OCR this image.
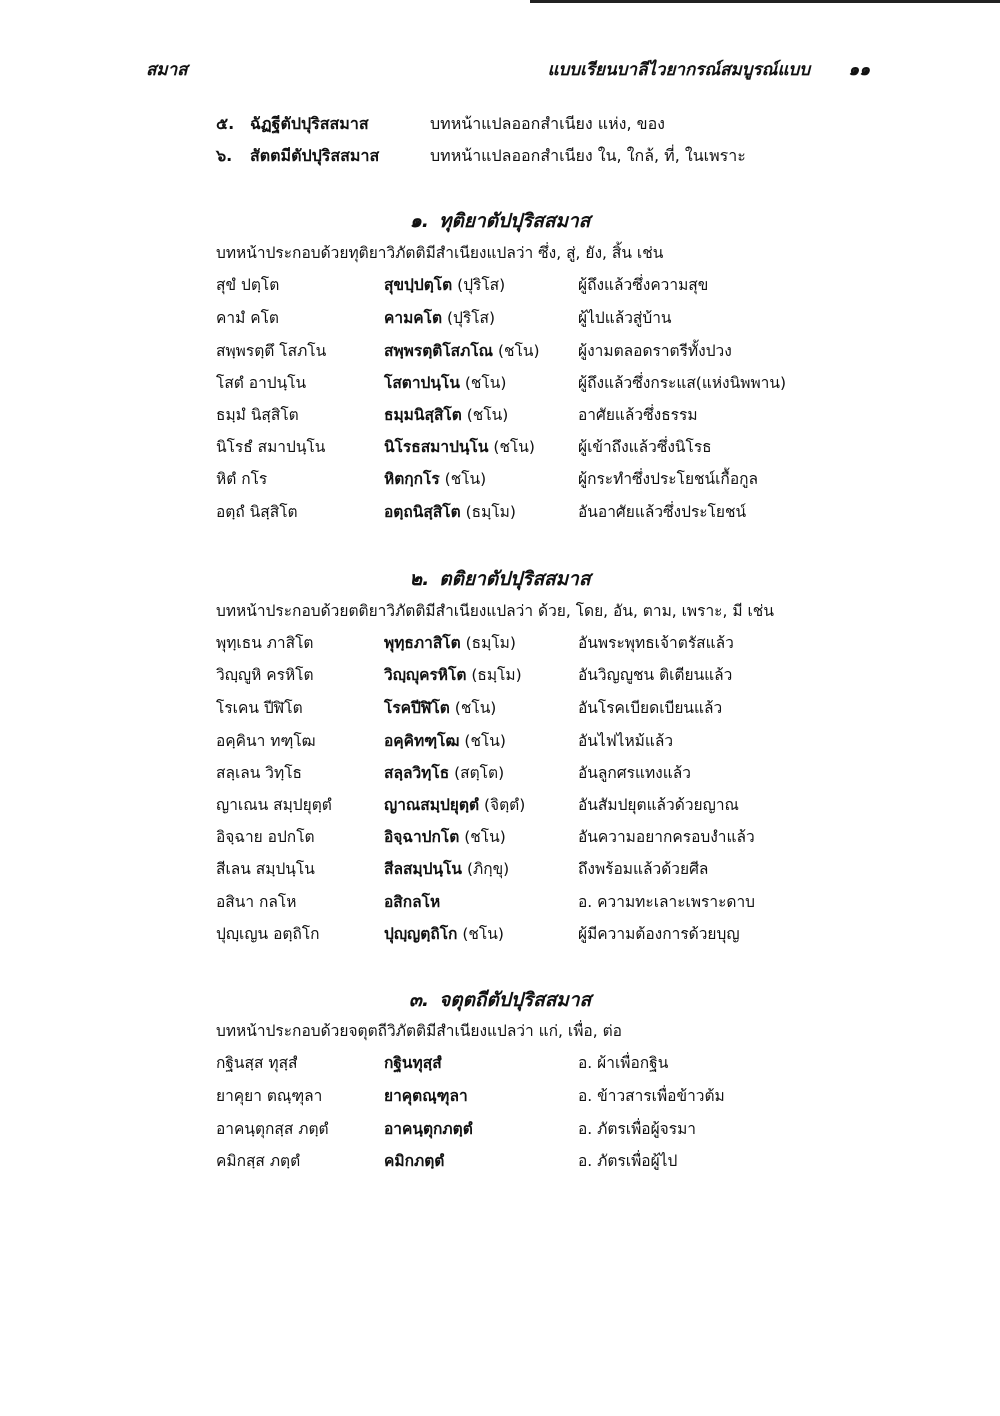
สมาส	แบบเรียนบาลีไวยากรณ์สมบูรณ์แบบ ๑๑
๕. ฉัฏฐีตัปปุริสสมาส	บทหน้าแปลออกสำเนียง แห่ง, ของ
๖. สัตตมีตัปปุริสสมาส	บทหน้าแปลออกสำเนียง ใน, ใกล้, ที่, ในเพราะ
๑. ทุติยาตัปปุริสสมาส
บทหน้าประกอบด้วยทุติยาวิภัตติมีสำเนียงแปลว่า ซึ่ง, สู่, ยัง, สิ้น เช่น
สุขํ ปตฺโต	สุขปฺปตฺโต (ปุริโส)	ผู้ถึงแล้วซึ่งความสุข
คามํ คโต	คามคโต (ปุริโส)	ผู้ไปแล้วสู่บ้าน
สพฺพรตฺตึ โสภโน	สพฺพรตฺติโสภโณ (ชโน) ผู้งามตลอดราตรีทั้งปวง
โสตํ อาปนฺโน	โสตาปนฺโน (ชโน)	ผู้ถึงแล้วซึ่งกระแส(แห่งนิพพาน)
ธมฺมํ นิสฺสิโต	ธมฺมนิสฺสิโต (ชโน)	อาศัยแล้วซึ่งธรรม
นิโรธํ สมาปนฺโน	นิโรธสมาปนฺโน (ชโน)	ผู้เข้าถึงแล้วซึ่งนิโรธ
หิตํ กโร	หิตกฺกโร (ชโน)	ผู้กระทำซึ่งประโยชน์เกื้อกูล
อตฺถํ นิสฺสิโต	อตฺถนิสฺสิโต (ธมฺโม)	อันอาศัยแล้วซึ่งประโยชน์
๒. ตติยาตัปปุริสสมาส
บทหน้าประกอบด้วยตติยาวิภัตติมีสำเนียงแปลว่า ด้วย, โดย, อัน, ตาม, เพราะ, มี เช่น
พุทฺเธน ภาสิโต	พุทฺธภาสิโต (ธมฺโม)	อันพระพุทธเจ้าตรัสแล้ว
วิญฺญูหิ ครหิโต	วิญฺญุครหิโต (ธมฺโม)	อันวิญญูชน ติเตียนแล้ว
โรเคน ปีฬิโต	โรคปีฬิโต (ชโน)	อันโรคเบียดเบียนแล้ว
อคฺคินา ทฑฺโฒ	อคฺคิทฑฺโฒ (ชโน)	อันไฟไหม้แล้ว
สลฺเลน วิทฺโธ	สลฺลวิทฺโธ (สตฺโต)	อันลูกศรแทงแล้ว
ญาเณน สมฺปยุตฺตํ	ญาณสมฺปยุตฺตํ (จิตฺตํ)	อันสัมปยุตแล้วด้วยญาณ
อิจฺฉาย อปกโต	อิจฺฉาปกโต (ชโน)	อันความอยากครอบงำแล้ว
สีเลน สมฺปนฺโน	สีลสมฺปนฺโน (ภิกฺขุ)	ถึงพร้อมแล้วด้วยศีล
อสินา กลโห	อสิกลโห	อ. ความทะเลาะเพราะดาบ
ปุญฺเญน อตฺถิโก	ปุญฺญตฺถิโก (ชโน)	ผู้มีความต้องการด้วยบุญ
๓. จตุตถีตัปปุริสสมาส
บทหน้าประกอบด้วยจตุตถีวิภัตติมีสำเนียงแปลว่า แก่, เพื่อ, ต่อ
กฐินสฺส ทุสฺสํ	กฐินทุสฺสํ	อ. ผ้าเพื่อกฐิน
ยาคุยา ตณฺฑุลา	ยาคุตณฺฑุลา	อ. ข้าวสารเพื่อข้าวต้ม
อาคนฺตุกสฺส ภตฺตํ	อาคนฺตุกภตฺตํ	อ. ภัตรเพื่อผู้จรมา
คมิกสฺส ภตฺตํ	คมิกภตฺตํ	อ. ภัตรเพื่อผู้ไป
